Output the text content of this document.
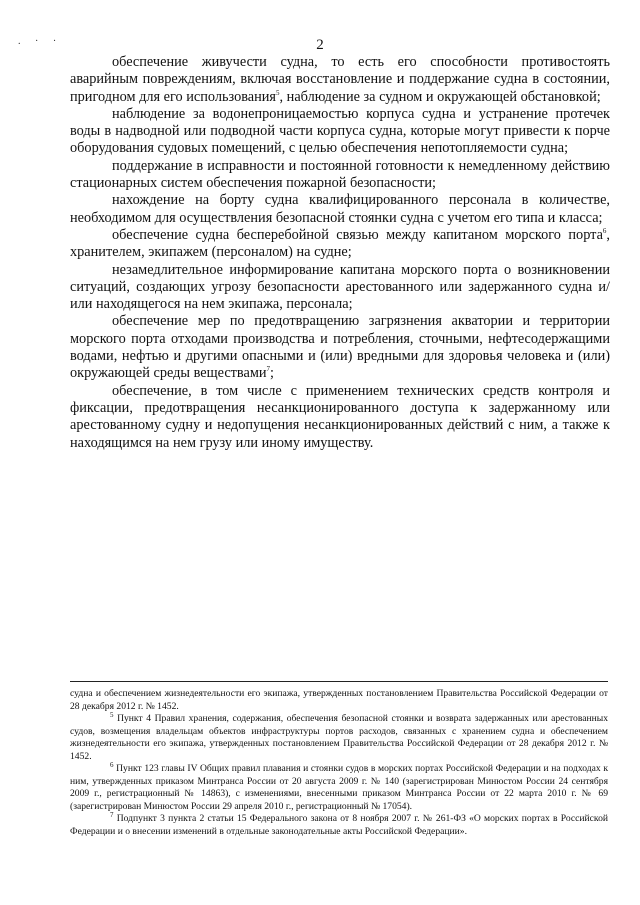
. · ·	2

обеспечение живучести судна, то есть его способности противостоять аварийным повреждениям, включая восстановление и поддержание судна в состоянии, пригодном для его использования$^5$, наблюдение за судном и окружающей обстановкой;

наблюдение за водонепроницаемостью корпуса судна и устранение протечек воды в надводной или подводной части корпуса судна, которые могут привести к порче оборудования судовых помещений, с целью обеспечения непотопляемости судна;

поддержание в исправности и постоянной готовности к немедленному действию стационарных систем обеспечения пожарной безопасности;

нахождение на борту судна квалифицированного персонала в количестве, необходимом для осуществления безопасной стоянки судна с учетом его типа и класса;

обеспечение судна бесперебойной связью между капитаном морского порта$^6$, хранителем, экипажем (персоналом) на судне;

незамедлительное информирование капитана морского порта о возникновении ситуаций, создающих угрозу безопасности арестованного или задержанного судна и/или находящегося на нем экипажа, персонала;

обеспечение мер по предотвращению загрязнения акватории и территории морского порта отходами производства и потребления, сточными, нефтесодержащими водами, нефтью и другими опасными и (или) вредными для здоровья человека и (или) окружающей среды веществами$^7$;

обеспечение, в том числе с применением технических средств контроля и фиксации, предотвращения несанкционированного доступа к задержанному или арестованному судну и недопущения несанкционированных действий с ним, а также к находящимся на нем грузу или иному имуществу.

судна и обеспечением жизнедеятельности его экипажа, утвержденных постановлением Правительства Российской Федерации от 28 декабря 2012 г. № 1452.

$^5$ Пункт 4 Правил хранения, содержания, обеспечения безопасной стоянки и возврата задержанных или арестованных судов, возмещения владельцам объектов инфраструктуры портов расходов, связанных с хранением судна и обеспечением жизнедеятельности его экипажа, утвержденных постановлением Правительства Российской Федерации от 28 декабря 2012 г. № 1452.

$^6$ Пункт 123 главы IV Общих правил плавания и стоянки судов в морских портах Российской Федерации и на подходах к ним, утвержденных приказом Минтранса России от 20 августа 2009 г. № 140 (зарегистрирован Минюстом России 24 сентября 2009 г., регистрационный № 14863), с изменениями, внесенными приказом Минтранса России от 22 марта 2010 г. № 69 (зарегистрирован Минюстом России 29 апреля 2010 г., регистрационный № 17054).

$^7$ Подпункт 3 пункта 2 статьи 15 Федерального закона от 8 ноября 2007 г. № 261-ФЗ «О морских портах в Российской Федерации и о внесении изменений в отдельные законодательные акты Российской Федерации».
